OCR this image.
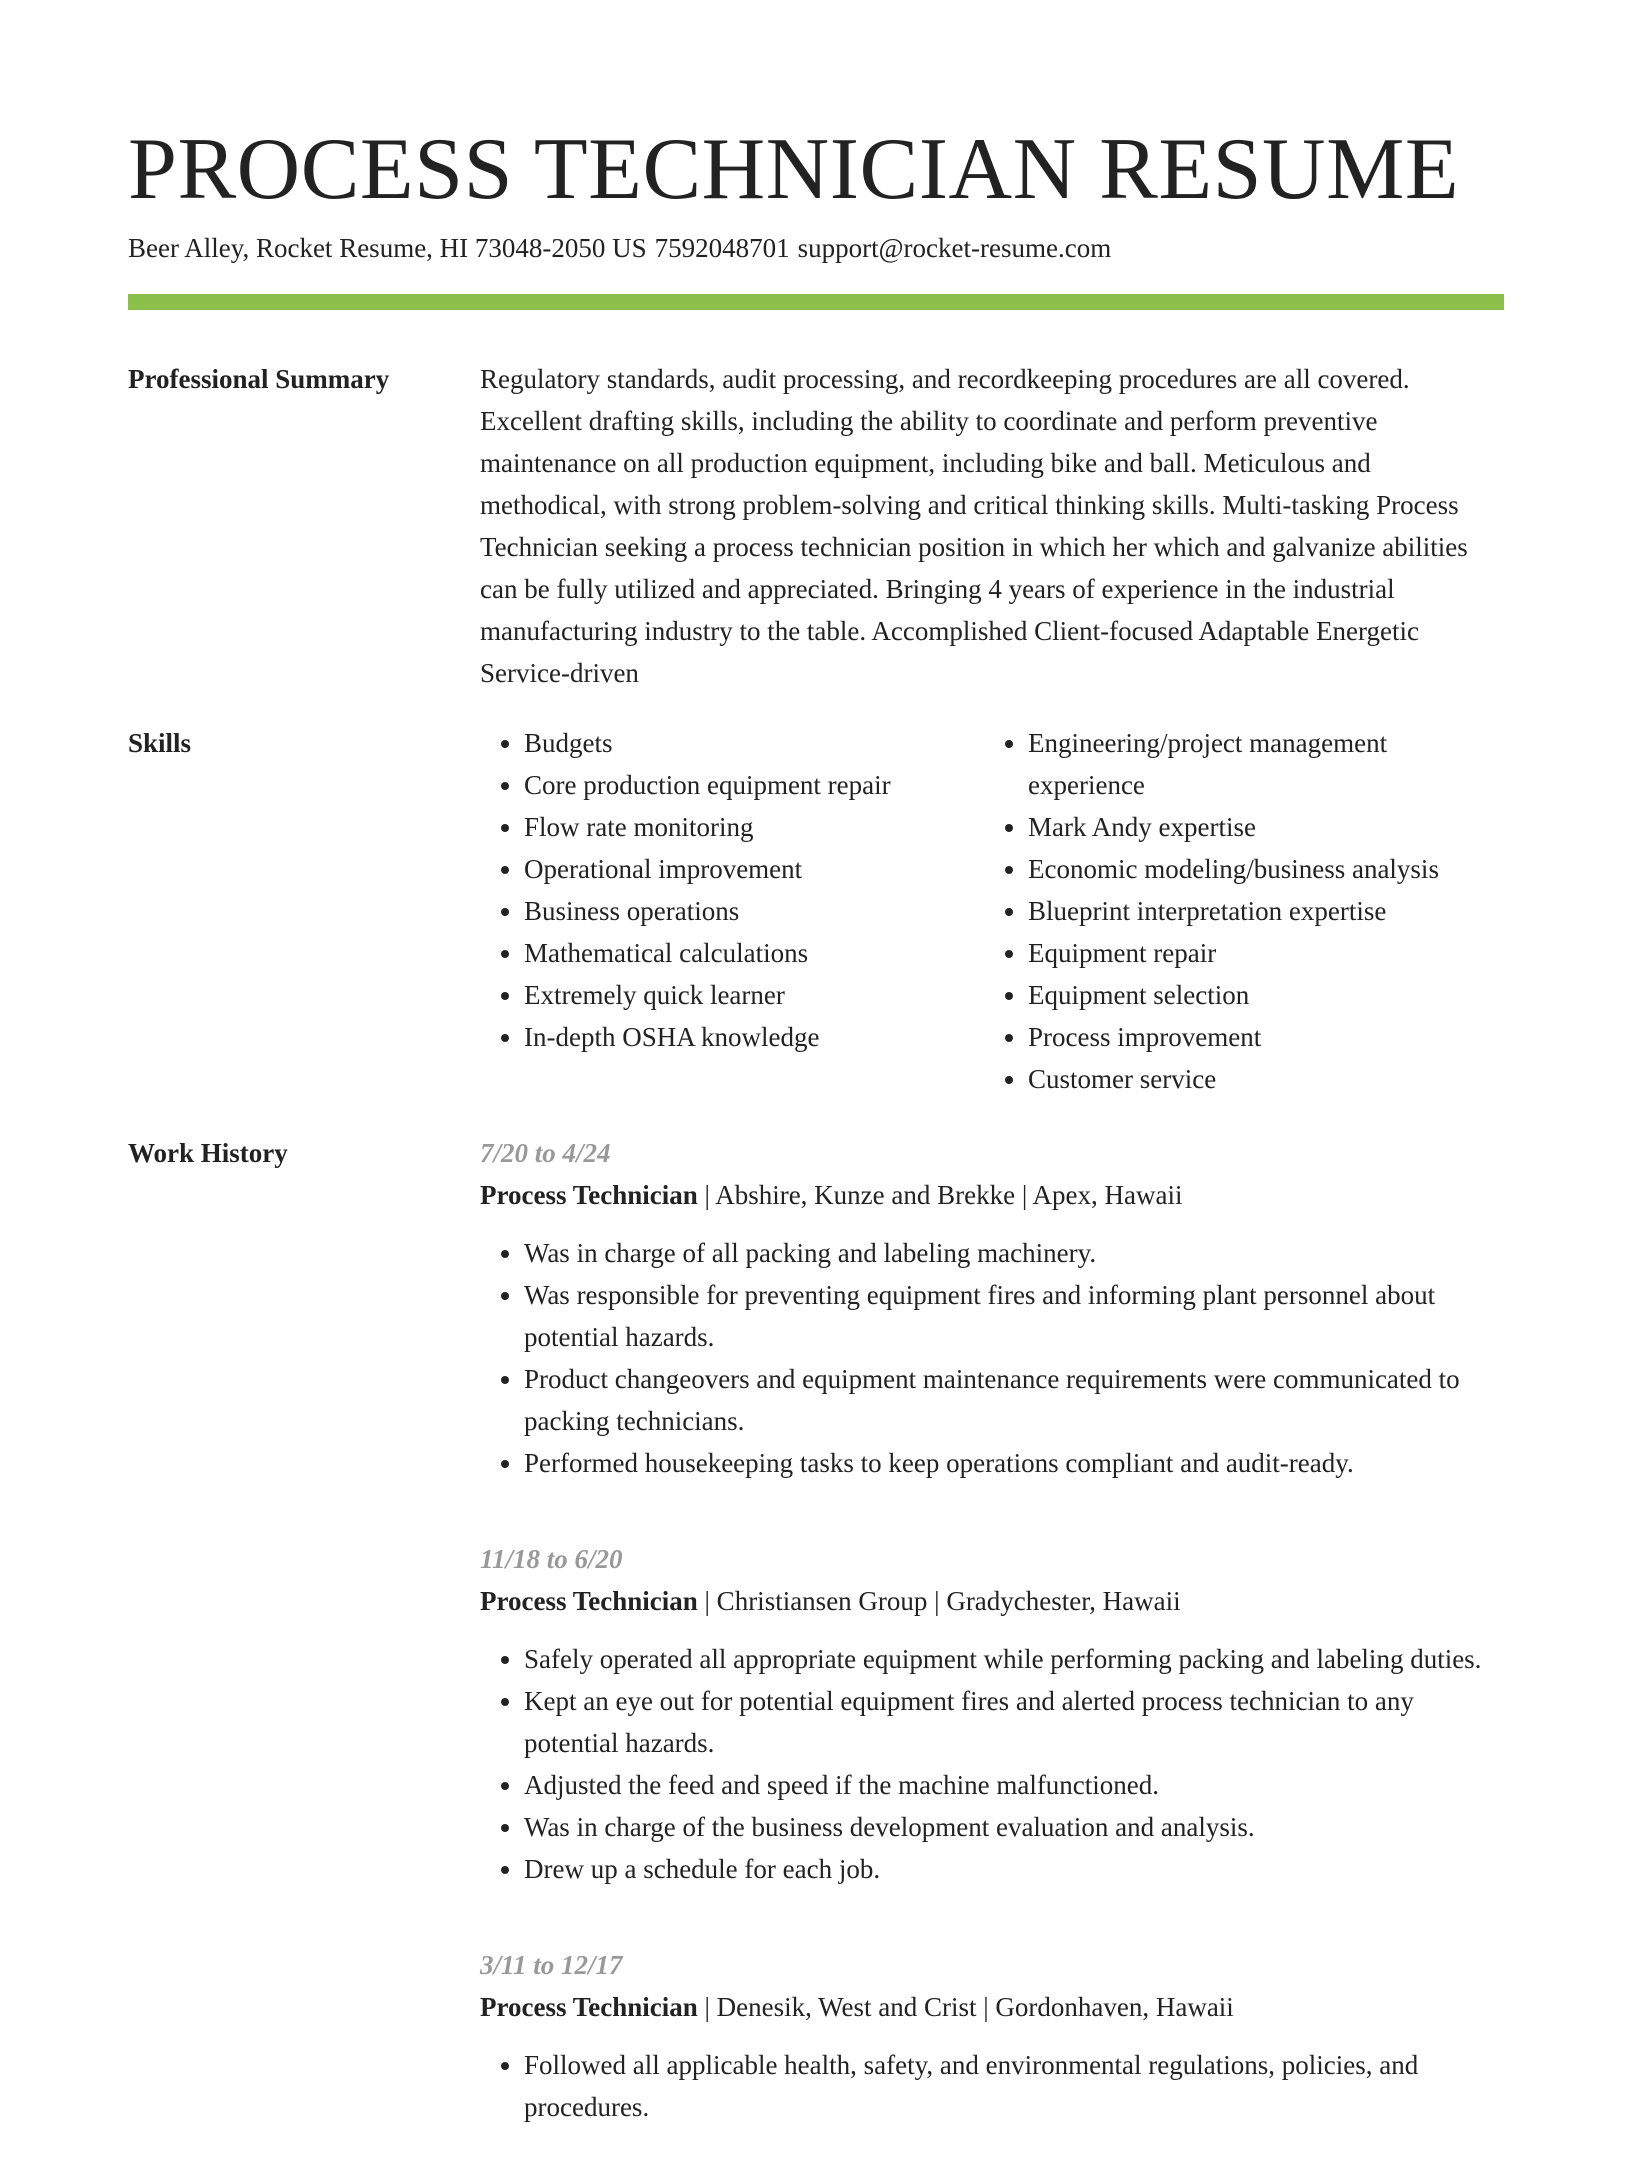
PROCESS TECHNICIAN RESUME
Beer Alley, Rocket Resume, HI 73048-2050 US 7592048701 support@rocket-resume.com
Professional Summary	Regulatory standards, audit processing, and recordkeeping procedures are all covered. Excellent drafting skills, including the ability to coordinate and perform preventive maintenance on all production equipment, including bike and ball. Meticulous and methodical, with strong problem-solving and critical thinking skills. Multi-tasking Process Technician seeking a process technician position in which her which and galvanize abilities can be fully utilized and appreciated. Bringing 4 years of experience in the industrial manufacturing industry to the table. Accomplished Client-focused Adaptable Energetic Service-driven

Skills
•	Budgets
• Core production equipment repair
• Flow rate monitoring
• Operational improvement
• Business operations
• Mathematical calculations
• Extremely quick learner
• In-depth OSHA knowledge
• Engineering/project management experience
• Mark Andy expertise
• Economic modeling/business analysis
• Blueprint interpretation expertise
• Equipment repair
• Equipment selection
• Process improvement
• Customer service
Work History	7/20 to 4/24
Process Technician | Abshire, Kunze and Brekke | Apex, Hawaii
• Was in charge of all packing and labeling machinery.
• Was responsible for preventing equipment fires and informing plant personnel about potential hazards.
• Product changeovers and equipment maintenance requirements were communicated to packing technicians.
• Performed housekeeping tasks to keep operations compliant and audit-ready.
11/18 to 6/20
Process Technician | Christiansen Group | Gradychester, Hawaii
• Safely operated all appropriate equipment while performing packing and labeling duties.
• Kept an eye out for potential equipment fires and alerted process technician to any potential hazards.
• Adjusted the feed and speed if the machine malfunctioned.
• Was in charge of the business development evaluation and analysis.
• Drew up a schedule for each job.
3/11 to 12/17
Process Technician | Denesik, West and Crist | Gordonhaven, Hawaii
• Followed all applicable health, safety, and environmental regulations, policies, and procedures.
